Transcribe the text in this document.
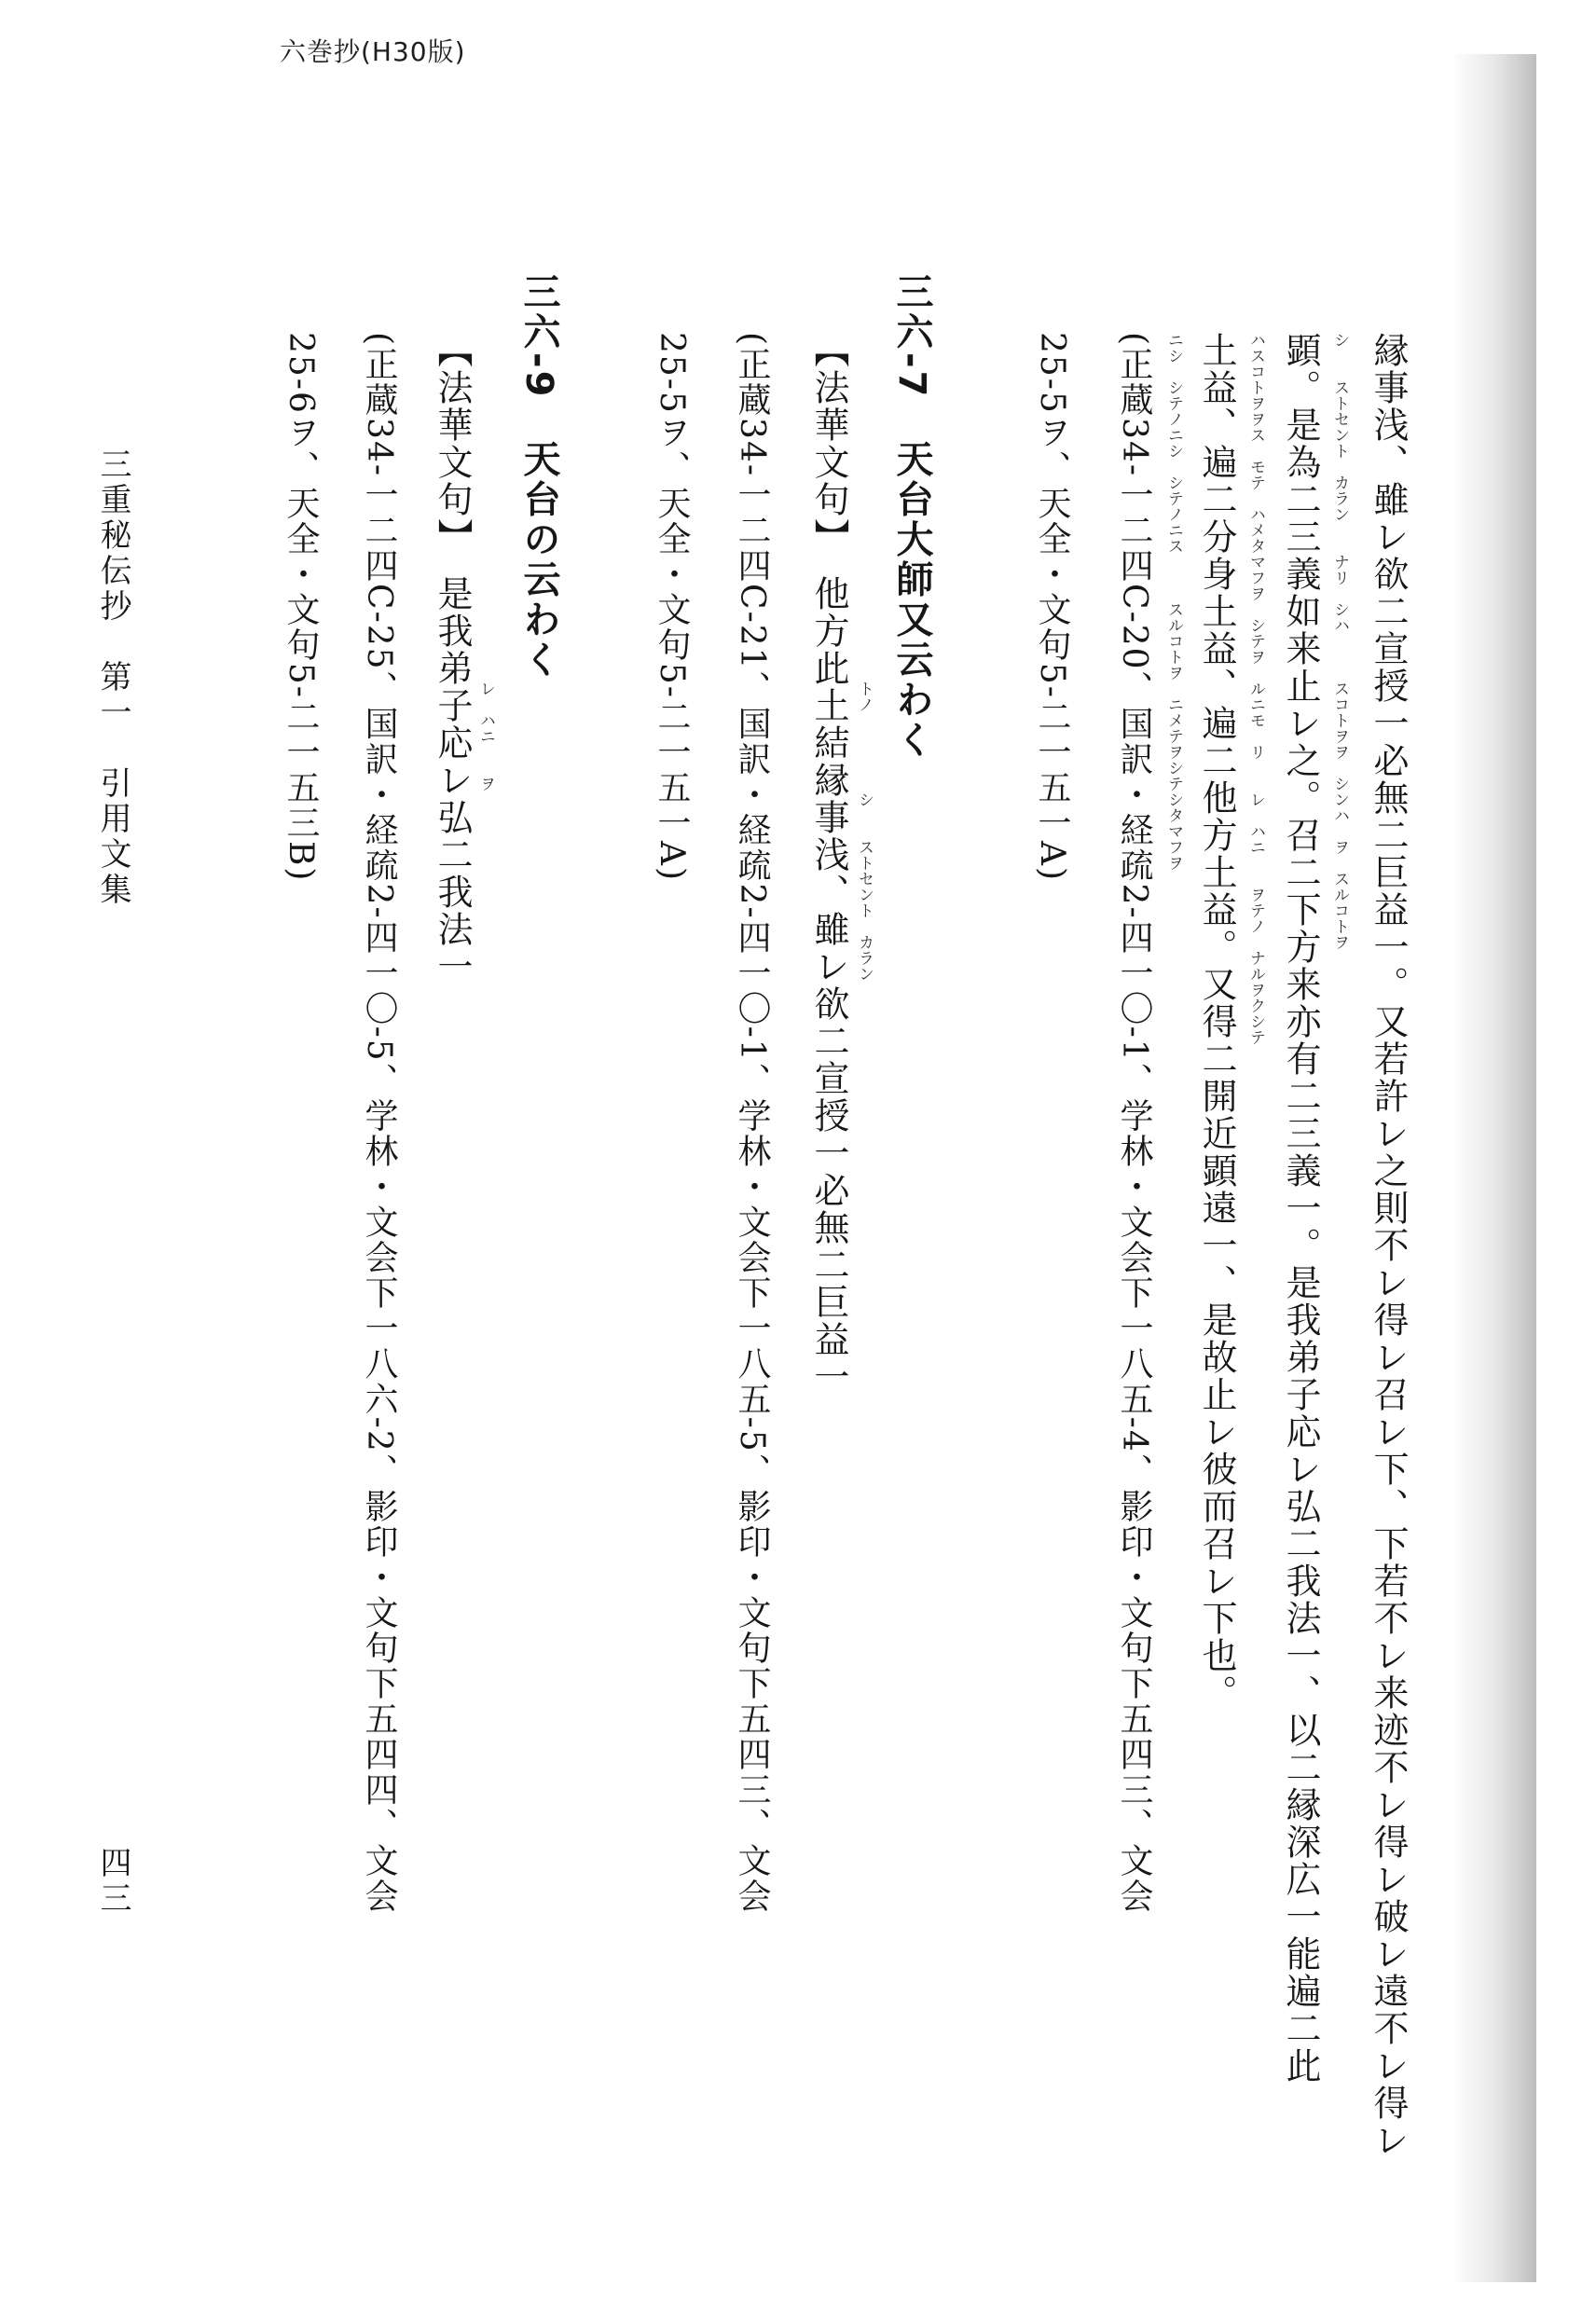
六巻抄(H30版)
縁事浅、雖レ欲二宣授一必無二巨益一。又若許レ之則不レ得レ召レ下、下若不レ来迹不レ得レ破レ遠不レ得レ
シ　　ストセント　カラン　　ナリ　シハ　　　スコトヲヲ　シンハ　ヲ　スルコトヲ
顕。是為二三義如来止レ之。召二下方来亦有二三義一。是我弟子応レ弘二我法一、以二縁深広一能遍二此
ハスコトヲヲス　モテ　ハメタマフヲ　シテヲ　ルニモ　リ　　レ　ハニ　　ヲテノ　ナルヲクシテ
土益、遍二分身土益、遍二他方土益。又得二開近顕遠一、是故止レ彼而召レ下也。
ニシ　シテノニシ　シテノニス　　　スルコトヲ　ニメテヲシテシタマフヲ
(正蔵34-一二四C-20、国訳・経疏2-四一〇-1、学林・文会下一八五-4、影印・文句下五四三、文会
25-5ヲ、天全・文句5-二一五一A)
三六-7　天台大師又云わく
【法華文句】　他方此土結縁事浅、雖レ欲二宣授一必無二巨益一 トノ　　　　　シ　　ストセント　カラン
(正蔵34-一二四C-21、国訳・経疏2-四一〇-1、学林・文会下一八五-5、影印・文句下五四三、文会
25-5ヲ、天全・文句5-二一五一A)
三六-9　天台の云わく
【法華文句】　是我弟子応レ弘二我法一 レ　ハニ　　ヲ
(正蔵34-一二四C-25、国訳・経疏2-四一〇-5、学林・文会下一八六-2、影印・文句下五四四、文会
25-6ヲ、天全・文句5-二一五三B)
三重秘伝抄　第一　引用文集
四三
